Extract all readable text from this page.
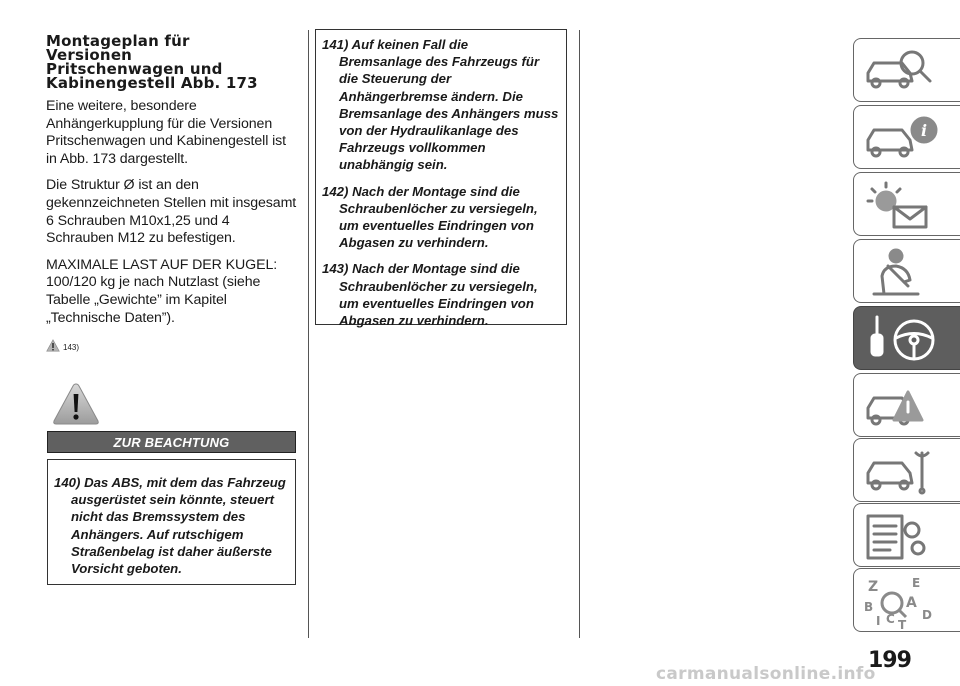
Montageplan für
Versionen
Pritschenwagen und
Kabinengestell Abb. 173

Eine weitere, besondere Anhängerkupplung für die Versionen Pritschenwagen und Kabinengestell ist in Abb. 173 dargestellt.

Die Struktur Ø ist an den gekennzeichneten Stellen mit insgesamt 6 Schrauben M10x1,25 und 4 Schrauben M12 zu befestigen.

MAXIMALE LAST AUF DER KUGEL: 100/120 kg je nach Nutzlast (siehe Tabelle „Gewichte” im Kapitel „Technische Daten”).

143)
ZUR BEACHTUNG
140) Das ABS, mit dem das Fahrzeug
ausgerüstet sein könnte, steuert nicht das Bremssystem des Anhängers. Auf rutschigem Straßenbelag ist daher äußerste Vorsicht geboten.
141) Auf keinen Fall die
Bremsanlage des Fahrzeugs für die Steuerung der Anhängerbremse ändern. Die Bremsanlage des Anhängers muss von der Hydraulikanlage des Fahrzeugs vollkommen unabhängig sein.
142) Nach der Montage sind die
Schraubenlöcher zu versiegeln, um eventuelles Eindringen von Abgasen zu verhindern.
143) Nach der Montage sind die
Schraubenlöcher zu versiegeln, um eventuelles Eindringen von Abgasen zu verhindern.
i
Z	E
B A
I C T
D
199
carmanualsonline.info
